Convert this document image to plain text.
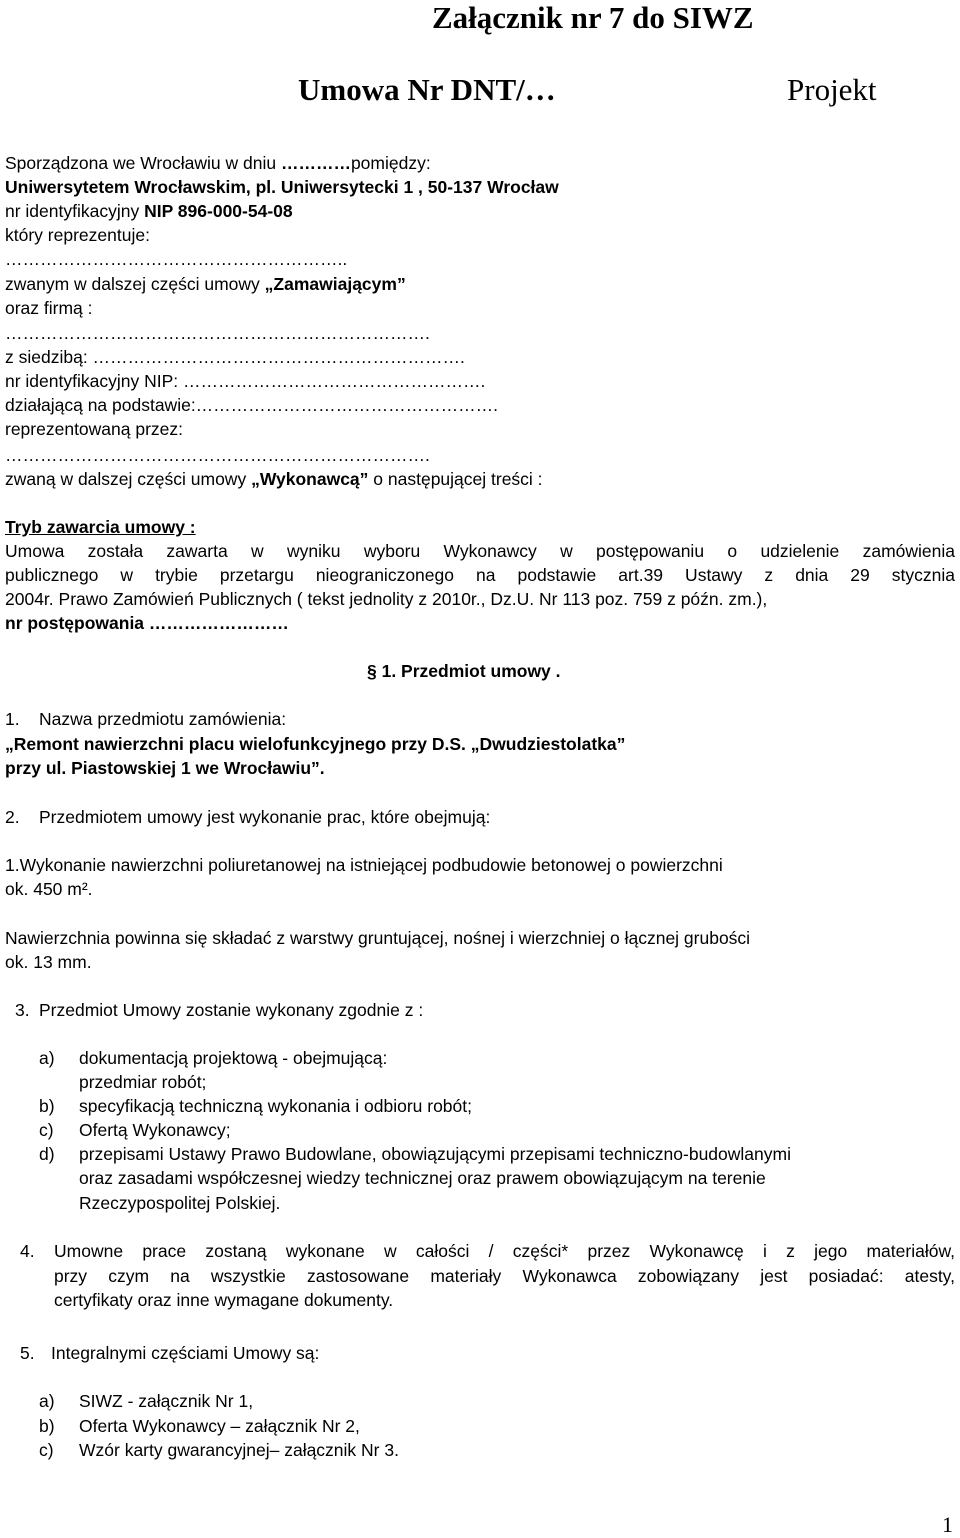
Załącznik nr 7 do SIWZ
Umowa Nr DNT/…	Projekt
Sporządzona we Wrocławiu w dniu …………pomiędzy:
Uniwersytetem Wrocławskim, pl. Uniwersytecki 1 , 50-137 Wrocław
nr identyfikacyjny NIP 896-000-54-08
który reprezentuje:
…………………………………………………..
zwanym w dalszej części umowy „Zamawiającym”
oraz firmą :
……………………………………………………………….
z siedzibą: ……………………………………………………….
nr identyfikacyjny NIP: …………………………………………….
działającą na podstawie:…………………………………………….
reprezentowaną przez:
……………………………………………………………….
zwaną w dalszej części umowy „Wykonawcą” o następującej treści :
Tryb zawarcia umowy :
Umowa została zawarta w wyniku wyboru Wykonawcy w postępowaniu o udzielenie zamówienia
publicznego w trybie przetargu nieograniczonego na podstawie art.39 Ustawy z dnia 29 stycznia
2004r. Prawo Zamówień Publicznych ( tekst jednolity z 2010r., Dz.U. Nr 113 poz. 759 z późn. zm.),
nr postępowania ……………………
§ 1. Przedmiot umowy .
1. Nazwa przedmiotu zamówienia:
„Remont nawierzchni placu wielofunkcyjnego przy D.S. „Dwudziestolatka”
przy ul. Piastowskiej 1 we Wrocławiu”.
2. Przedmiotem umowy jest wykonanie prac, które obejmują:
1.Wykonanie nawierzchni poliuretanowej na istniejącej podbudowie betonowej o powierzchni
ok. 450 m².
Nawierzchnia powinna się składać z warstwy gruntującej, nośnej i wierzchniej o łącznej grubości
ok. 13 mm.
3. Przedmiot Umowy zostanie wykonany zgodnie z :
a) dokumentacją projektową - obejmującą:
przedmiar robót;
b) specyfikacją techniczną wykonania i odbioru robót;
c) Ofertą Wykonawcy;
d) przepisami Ustawy Prawo Budowlane, obowiązującymi przepisami techniczno-budowlanymi
oraz zasadami współczesnej wiedzy technicznej oraz prawem obowiązującym na terenie
Rzeczypospolitej Polskiej.
4. Umowne prace zostaną wykonane w całości / części* przez Wykonawcę i z jego materiałów,
przy czym na wszystkie zastosowane materiały Wykonawca zobowiązany jest posiadać: atesty,
certyfikaty oraz inne wymagane dokumenty.
5. Integralnymi częściami Umowy są:
a) SIWZ - załącznik Nr 1,
b) Oferta Wykonawcy – załącznik Nr 2,
c) Wzór karty gwarancyjnej– załącznik Nr 3.
1
